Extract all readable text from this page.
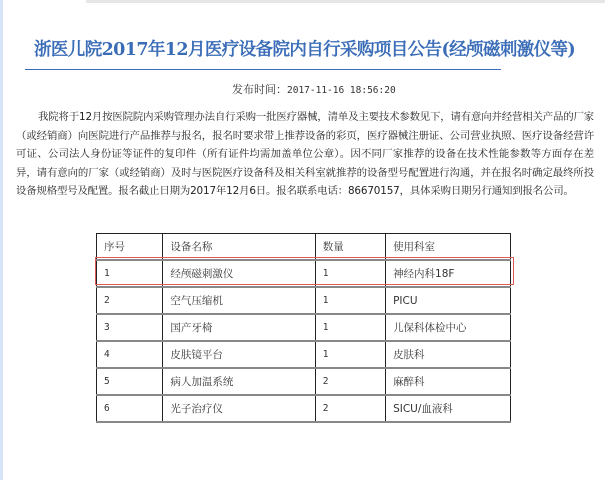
浙医儿院2017年12月医疗设备院内自行采购项目公告(经颅磁刺激仪等)
发布时间：2017-11-16 18:56:20

我院将于12月按医院院内采购管理办法自行采购一批医疗器械，清单及主要技术参数见下，请有意向并经营相关产品的厂家（或经销商）向医院进行产品推荐与报名，报名时要求带上推荐设备的彩页，医疗器械注册证、公司营业执照、医疗设备经营许可证、公司法人身份证等证件的复印件（所有证件均需加盖单位公章）。因不同厂家推荐的设备在技术性能参数等方面存在差异，请有意向的厂家（或经销商）及时与医院医疗设备科及相关科室就推荐的设备型号配置进行沟通，并在报名时确定最终所投设备规格型号及配置。报名截止日期为2017年12月6日。报名联系电话：86670157，具体采购日期另行通知到报名公司。

序号	设备名称	数量	使用科室
1	经颅磁刺激仪	1	神经内科18F
2	空气压缩机	1	PICU
3	国产牙椅	1	儿保科体检中心
4	皮肤镜平台	1	皮肤科
5	病人加温系统	2	麻醉科
6	光子治疗仪	2	SICU/血液科
